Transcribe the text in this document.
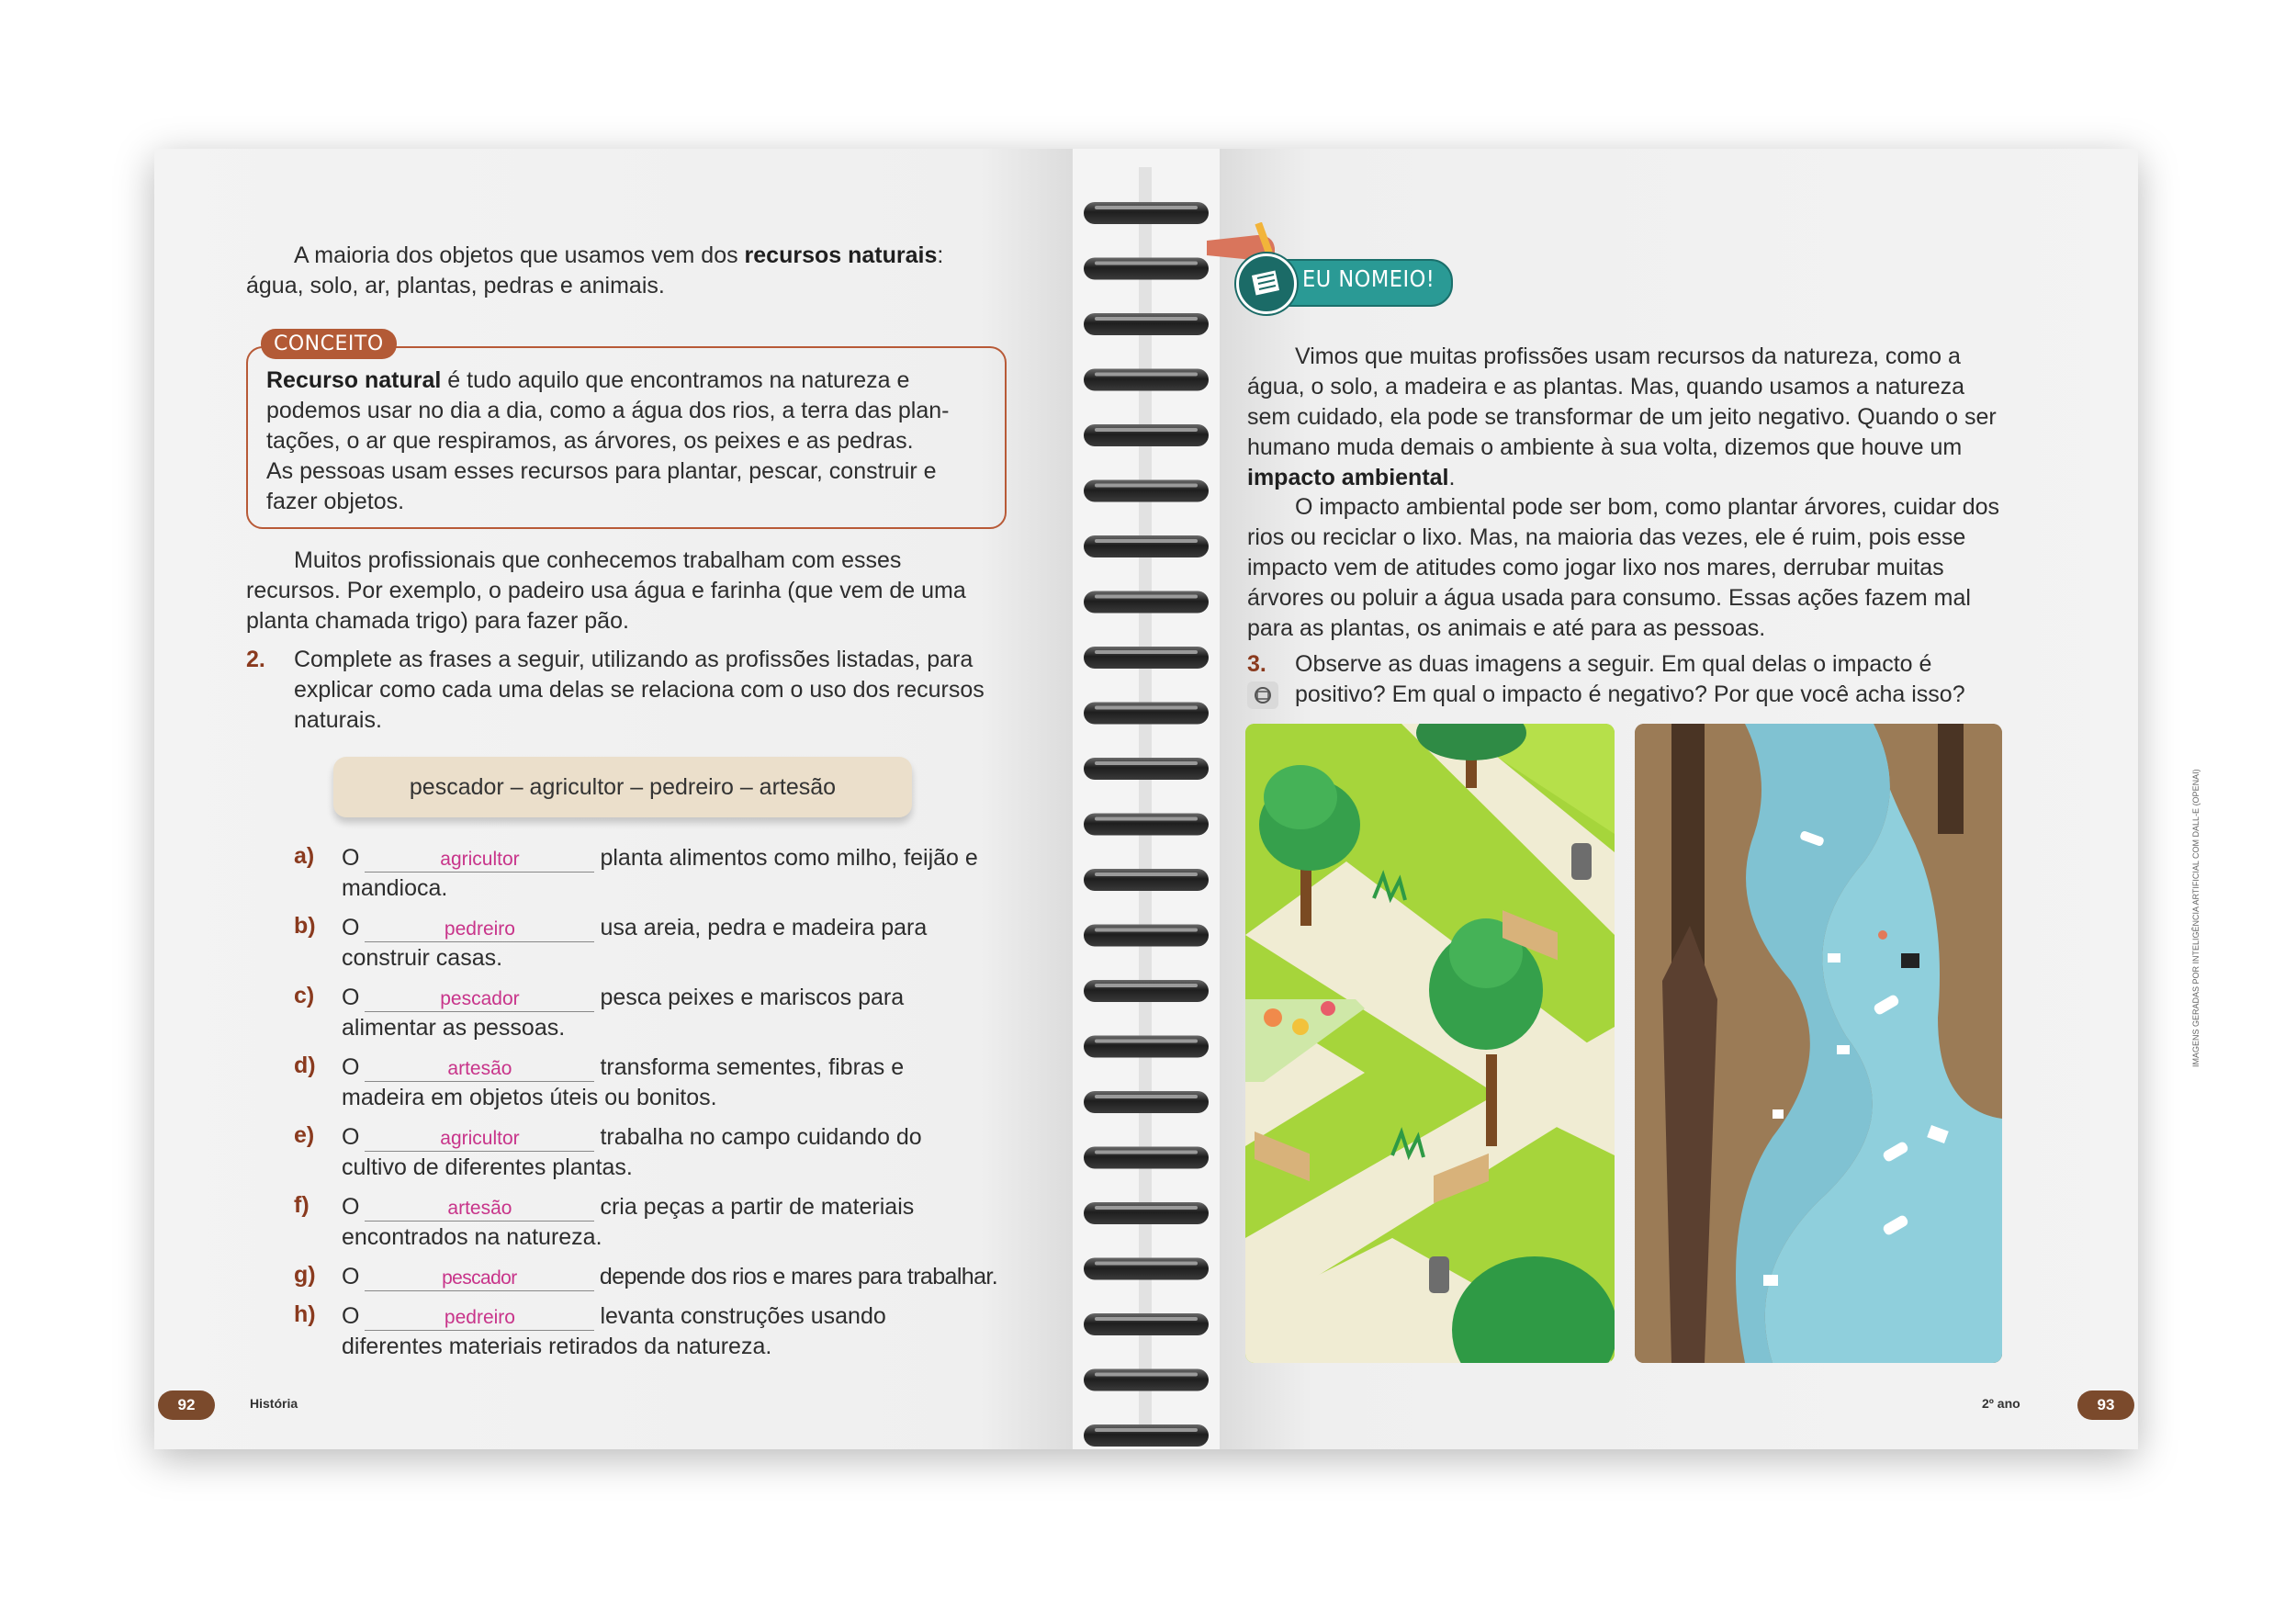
A maioria dos objetos que usamos vem dos recursos naturais: água, solo, ar, plantas, pedras e animais.
CONCEITO
Recurso natural é tudo aquilo que encontramos na natureza e podemos usar no dia a dia, como a água dos rios, a terra das plan-tações, o ar que respiramos, as árvores, os peixes e as pedras.
As pessoas usam esses recursos para plantar, pescar, construir e fazer objetos.
Muitos profissionais que conhecemos trabalham com esses recursos. Por exemplo, o padeiro usa água e farinha (que vem de uma planta chamada trigo) para fazer pão.
2. Complete as frases a seguir, utilizando as profissões listadas, para explicar como cada uma delas se relaciona com o uso dos recursos naturais.
pescador – agricultor – pedreiro – artesão
a) O	agricultor	planta alimentos como milho, feijão e
mandioca.
b) O	pedreiro	usa areia, pedra e madeira para
construir casas.
c) O	pescador	pesca peixes e mariscos para
alimentar as pessoas.
d) O	artesão	transforma sementes, fibras e
madeira em objetos úteis ou bonitos.
e) O	agricultor	trabalha no campo cuidando do
cultivo de diferentes plantas.
f) O	artesão	cria peças a partir de materiais
encontrados na natureza.
g) O	pescador	depende dos rios e mares para trabalhar.
h) O	pedreiro	levanta construções usando
diferentes materiais retirados da natureza.
92	História
EU NOMEIO!
Vimos que muitas profissões usam recursos da natureza, como a água, o solo, a madeira e as plantas. Mas, quando usamos a natureza sem cuidado, ela pode se transformar de um jeito negativo. Quando o ser humano muda demais o ambiente à sua volta, dizemos que houve um impacto ambiental.
O impacto ambiental pode ser bom, como plantar árvores, cuidar dos rios ou reciclar o lixo. Mas, na maioria das vezes, ele é ruim, pois esse impacto vem de atitudes como jogar lixo nos mares, derrubar muitas árvores ou poluir a água usada para consumo. Essas ações fazem mal para as plantas, os animais e até para as pessoas.
3. Observe as duas imagens a seguir. Em qual delas o impacto é positivo? Em qual o impacto é negativo? Por que você acha isso?
IMAGENS GERADAS POR INTELIGÊNCIA ARTIFICIAL COM DALL-E (OPENAI)
2º ano	93
